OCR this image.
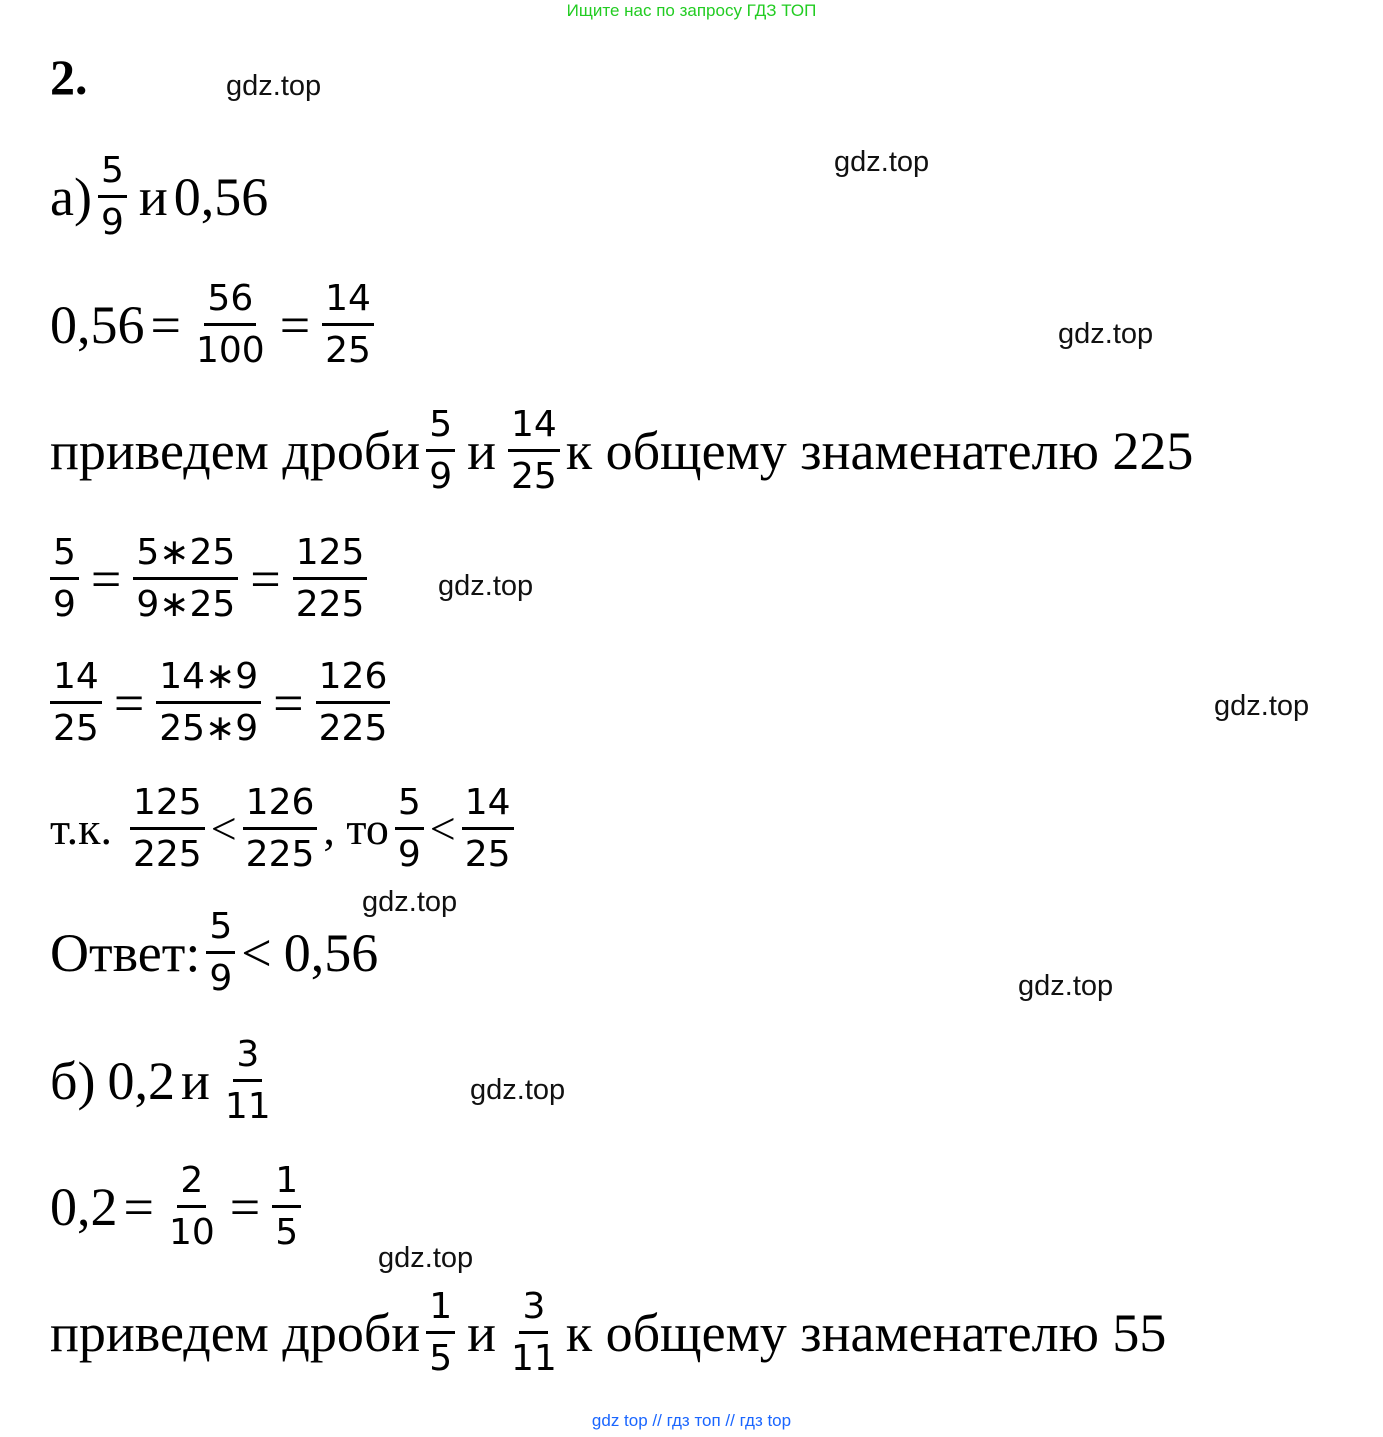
Ищите нас по запросу ГДЗ ТОП
2.	gdz.top
gdz.top
gdz.top
gdz.top
gdz.top
gdz.top
gdz.top
gdz.top
gdz.top
$а) \frac{5}{9}$ и 0,56
$0,56 = \frac{56}{100} = \frac{14}{25}$
приведем дроби $\frac{5}{9}$ и $\frac{14}{25}$ к общему знаменателю 225
$\frac{5}{9} = \frac{5∗25}{9∗25} = \frac{125}{225}$
$\frac{14}{25} = \frac{14∗9}{25∗9} = \frac{126}{225}$
т.к. $\frac{125}{225} < \frac{126}{225}$ , то $\frac{5}{9} < \frac{14}{25}$
Ответ: $\frac{5}{9} < 0,56$
б) 0,2 и $\frac{3}{11}$
$0,2 = \frac{2}{10} = \frac{1}{5}$
приведем дроби $\frac{1}{5}$ и $\frac{3}{11}$ к общему знаменателю 55
gdz top // гдз топ // гдз top
